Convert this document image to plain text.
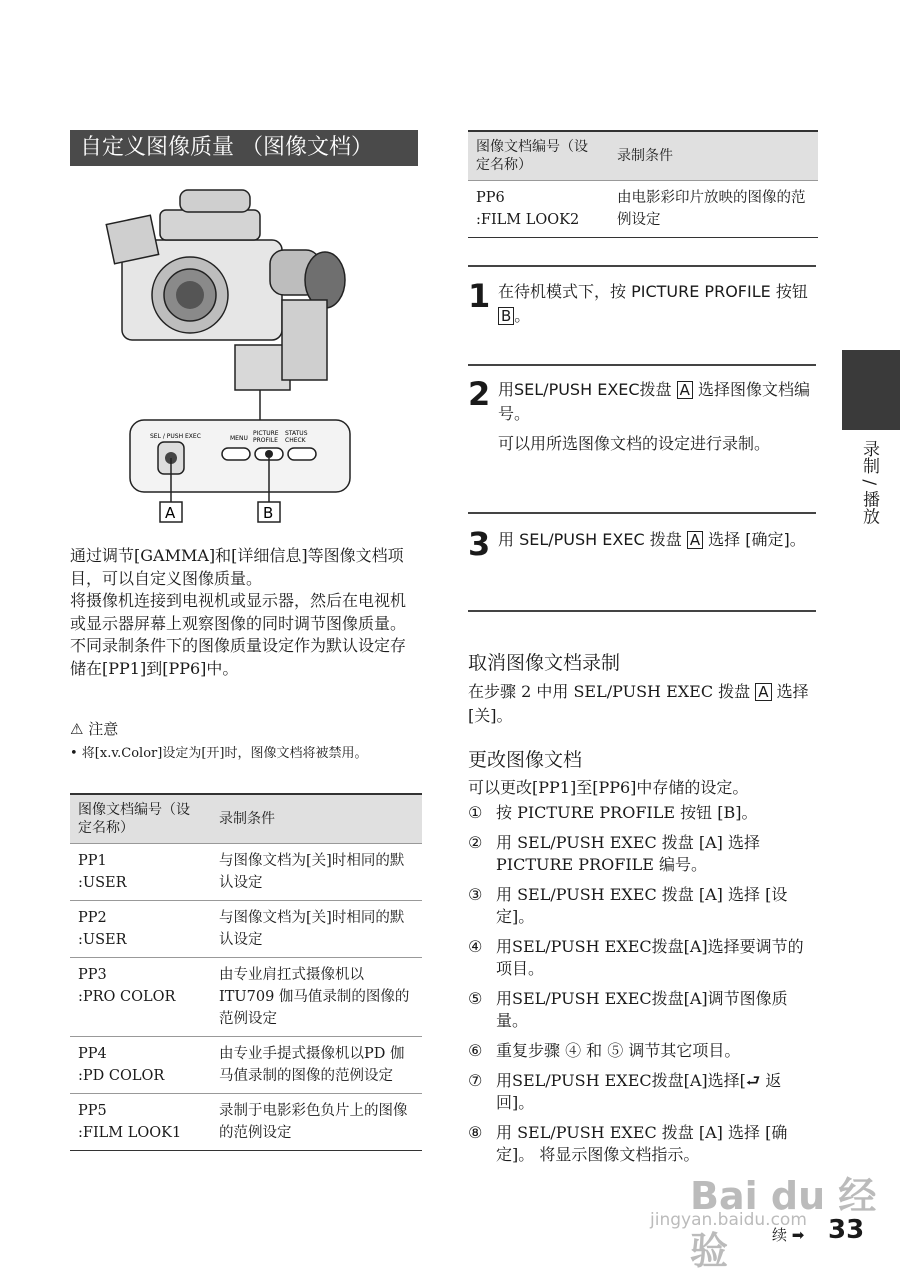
自定义图像质量 （图像文档）
SEL / PUSH EXEC	MENU
PICTURE
PROFILE
STATUS
CHECK
A	B

通过调节[GAMMA]和[详细信息]等图像文档项目，可以自定义图像质量。

将摄像机连接到电视机或显示器，然后在电视机或显示器屏幕上观察图像的同时调节图像质量。

不同录制条件下的图像质量设定作为默认设定存储在[PP1]到[PP6]中。

⚠ 注意
• 将[x.v.Color]设定为[开]时，图像文档将被禁用。
图像文档编号（设定名称）	录制条件

PP1
:USER	与图像文档为[关]时相同的默认设定

PP2
:USER	与图像文档为[关]时相同的默认设定

PP3
:PRO COLOR	由专业肩扛式摄像机以ITU709 伽马值录制的图像的范例设定

PP4
:PD COLOR	由专业手提式摄像机以PD 伽马值录制的图像的范例设定

PP5
:FILM LOOK1	录制于电影彩色负片上的图像的范例设定
图像文档编号（设定名称）	录制条件

PP6
:FILM LOOK2	由电影彩印片放映的图像的范例设定
1 在待机模式下，按 PICTURE PROFILE 按钮 B 。
2 用SEL/PUSH EXEC拨盘 A 选择图像文档编号。
可以用所选图像文档的设定进行录制。
3 用 SEL/PUSH EXEC 拨盘 A 选择 [确定]。
取消图像文档录制
在步骤 2 中用 SEL/PUSH EXEC 拨盘 A 选择[关]。
更改图像文档
可以更改[PP1]至[PP6]中存储的设定。
① 按 PICTURE PROFILE 按钮 [B]。
② 用 SEL/PUSH EXEC 拨盘 [A] 选择 PICTURE PROFILE 编号。
③ 用 SEL/PUSH EXEC 拨盘 [A] 选择 [设定]。
④ 用SEL/PUSH EXEC拨盘[A]选择要调节的项目。
⑤ 用SEL/PUSH EXEC拨盘[A]调节图像质量。
⑥ 重复步骤 ④ 和 ⑤ 调节其它项目。
⑦ 用SEL/PUSH EXEC拨盘[A]选择[⮐ 返回]。
⑧ 用 SEL/PUSH EXEC 拨盘 [A] 选择 [确定]。 将显示图像文档指示。
录制 / 播放
Bai du 经验
jingyan.baidu.com
续 ➡ 33
